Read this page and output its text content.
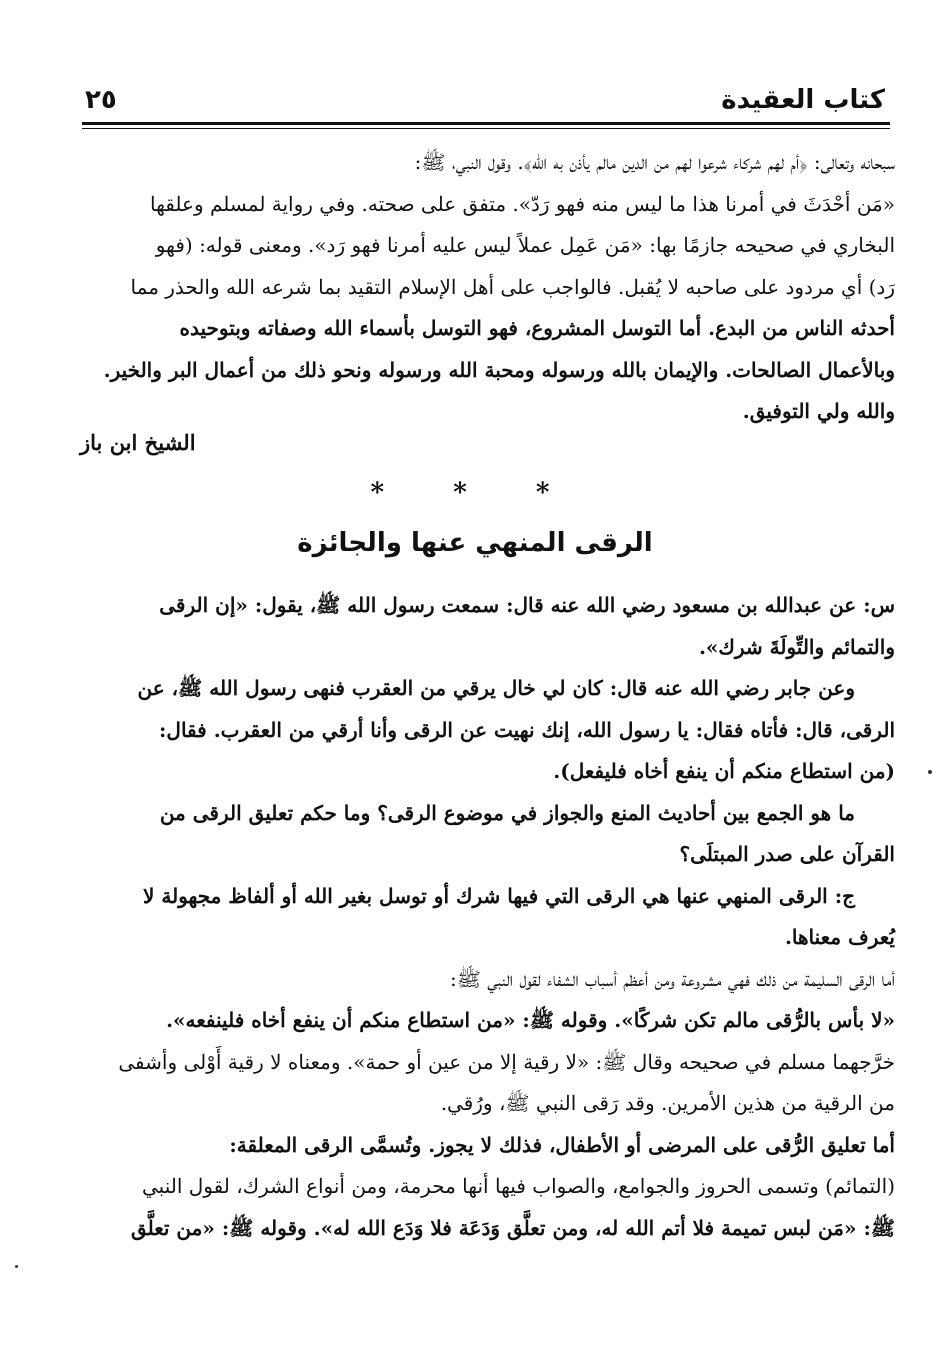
كتاب العقيدة
٢٥

سبحانه وتعالى: ﴿أم لهم شركاء شرعوا لهم من الدين مالم يأذن به الله﴾. وقول النبي، ﷺ:

«مَن أحْدَثَ في أمرنا هذا ما ليس منه فهو رَدّ». متفق على صحته. وفي رواية لمسلم وعلقها

البخاري في صحيحه جازمًا بها: «مَن عَمِل عملاً ليس عليه أمرنا فهو رَد». ومعنى قوله: (فهو

رَد) أي مردود على صاحبه لا يُقبل. فالواجب على أهل الإسلام التقيد بما شرعه الله والحذر مما

أحدثه الناس من البدع. أما التوسل المشروع، فهو التوسل بأسماء الله وصفاته وبتوحيده

وبالأعمال الصالحات. والإيمان بالله ورسوله ومحبة الله ورسوله ونحو ذلك من أعمال البر والخير.

والله ولي التوفيق.

الشيخ ابن باز
* * *
الرقى المنهي عنها والجائزة

س: عن عبدالله بن مسعود رضي الله عنه قال: سمعت رسول الله ﷺ، يقول: «إن الرقى

والتمائم والتِّولَةَ شرك».

وعن جابر رضي الله عنه قال: كان لي خال يرقي من العقرب فنهى رسول الله ﷺ، عن

الرقى، قال: فأتاه فقال: يا رسول الله، إنك نهيت عن الرقى وأنا أرقي من العقرب. فقال:

(من استطاع منكم أن ينفع أخاه فليفعل).

ما هو الجمع بين أحاديث المنع والجواز في موضوع الرقى؟ وما حكم تعليق الرقى من

القرآن على صدر المبتلَى؟

ج: الرقى المنهي عنها هي الرقى التي فيها شرك أو توسل بغير الله أو ألفاظ مجهولة لا

يُعرف معناها.

أما الرقى السليمة من ذلك فهي مشروعة ومن أعظم أسباب الشفاء لقول النبي ﷺ:

«لا بأس بالرُّقى مالم تكن شركًا». وقوله ﷺ: «من استطاع منكم أن ينفع أخاه فلينفعه».

خرَّجهما مسلم في صحيحه وقال ﷺ: «لا رقية إلا من عين أو حمة». ومعناه لا رقية أَوْلى وأشفى

من الرقية من هذين الأمرين. وقد رَقى النبي ﷺ، ورُقي.

أما تعليق الرُّقى على المرضى أو الأطفال، فذلك لا يجوز. وتُسمَّى الرقى المعلقة:

(التمائم) وتسمى الحروز والجوامع، والصواب فيها أنها محرمة، ومن أنواع الشرك، لقول النبي

ﷺ: «مَن لبس تميمة فلا أتم الله له، ومن تعلَّق وَدَعَة فلا وَدَع الله له». وقوله ﷺ: «من تعلَّق
